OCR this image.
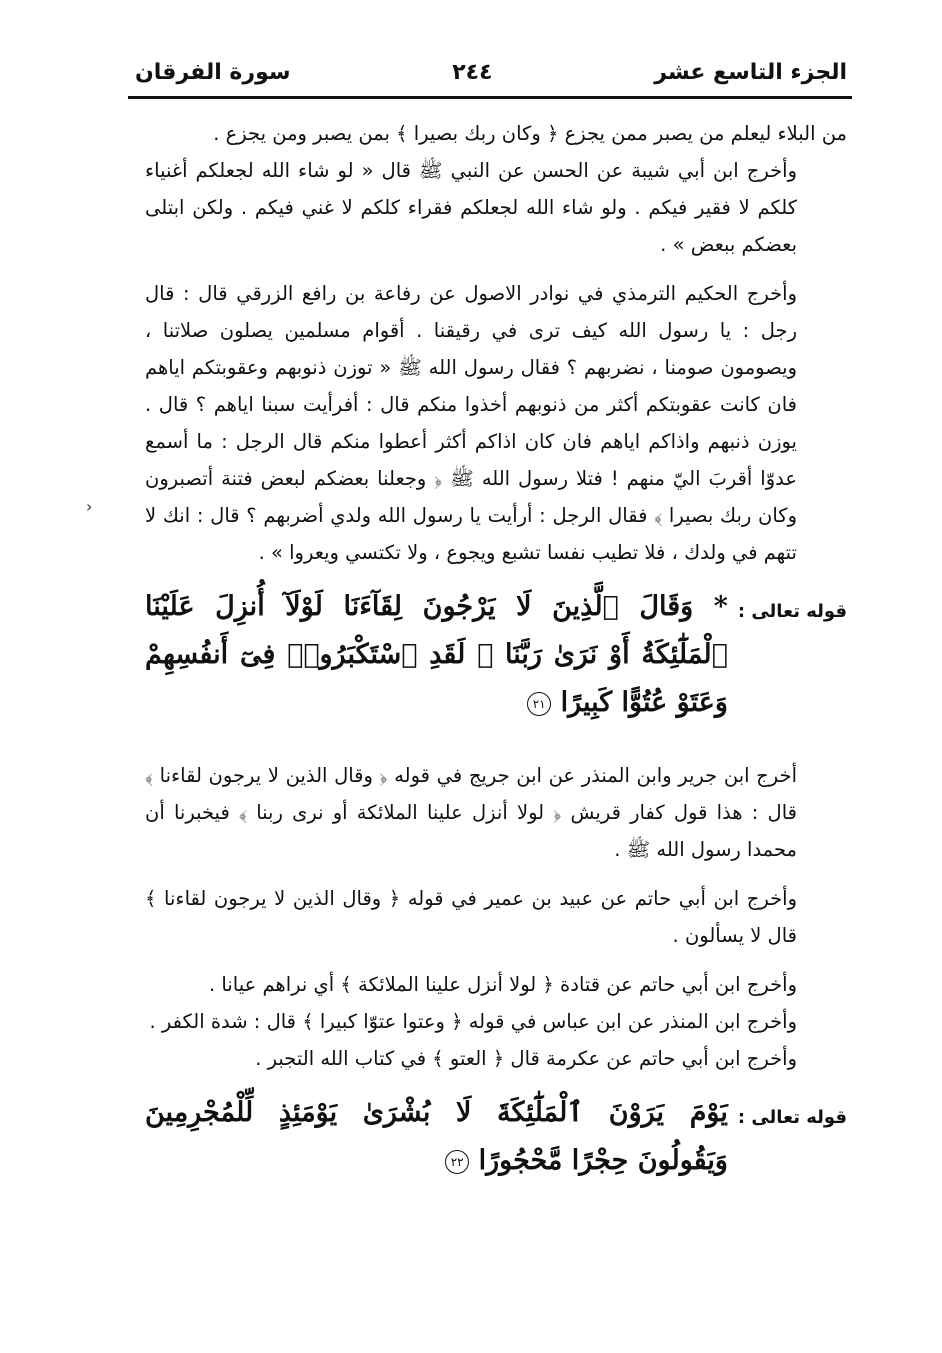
الجزء التاسع عشر
٢٤٤
سورة الفرقان
›

من البلاء ليعلم من يصبر ممن يجزع ﴿ وكان ربك بصيرا ﴾ بمن يصبر ومن يجزع .

وأخرج ابن أبي شيبة عن الحسن عن النبي ﷺ قال « لو شاء الله لجعلكم أغنياء كلكم لا فقير فيكم . ولو شاء الله لجعلكم فقراء كلكم لا غني فيكم . ولكن ابتلى بعضكم ببعض » .

وأخرج الحكيم الترمذي في نوادر الاصول عن رفاعة بن رافع الزرقي قال : قال رجل : يا رسول الله كيف ترى في رقيقنا . أقوام مسلمين يصلون صلاتنا ، ويصومون صومنا ، نضربهم ؟ فقال رسول الله ﷺ « توزن ذنوبهم وعقوبتكم اياهم فان كانت عقوبتكم أكثر من ذنوبهم أخذوا منكم قال : أفرأيت سبنا اياهم ؟ قال . يوزن ذنبهم واذاكم اياهم فان كان اذاكم أكثر أعطوا منكم قال الرجل : ما أسمع عدوّا أقربَ اليّ منهم ! فتلا رسول الله ﷺ ﴿ وجعلنا بعضكم لبعض فتنة أتصبرون وكان ربك بصيرا ﴾ فقال الرجل : أرأيت يا رسول الله ولدي أضربهم ؟ قال : انك لا تتهم في ولدك ، فلا تطيب نفسا تشبع ويجوع ، ولا تكتسي ويعروا » .

قوله تعالى :
* وَقَالَ ٱلَّذِينَ لَا يَرْجُونَ لِقَآءَنَا لَوْلَآ أُنزِلَ عَلَيْنَا ٱلْمَلَٰٓئِكَةُ أَوْ نَرَىٰ رَبَّنَا ۗ لَقَدِ ٱسْتَكْبَرُوا۟ فِىٓ أَنفُسِهِمْ وَعَتَوْ عُتُوًّا كَبِيرًا ٢١

أخرج ابن جرير وابن المنذر عن ابن جريج في قوله ﴿ وقال الذين لا يرجون لقاءنا ﴾ قال : هذا قول كفار قريش ﴿ لولا أنزل علينا الملائكة أو نرى ربنا ﴾ فيخبرنا أن محمدا رسول الله ﷺ .

وأخرج ابن أبي حاتم عن عبيد بن عمير في قوله ﴿ وقال الذين لا يرجون لقاءنا ﴾ قال لا يسألون .

وأخرج ابن أبي حاتم عن قتادة ﴿ لولا أنزل علينا الملائكة ﴾ أي نراهم عيانا .

وأخرج ابن المنذر عن ابن عباس في قوله ﴿ وعتوا عتوّا كبيرا ﴾ قال : شدة الكفر .

وأخرج ابن أبي حاتم عن عكرمة قال ﴿ العتو ﴾ في كتاب الله التجبر .

قوله تعالى :
يَوْمَ يَرَوْنَ ٱلْمَلَٰٓئِكَةَ لَا بُشْرَىٰ يَوْمَئِذٍ لِّلْمُجْرِمِينَ وَيَقُولُونَ حِجْرًا مَّحْجُورًا ٢٢
